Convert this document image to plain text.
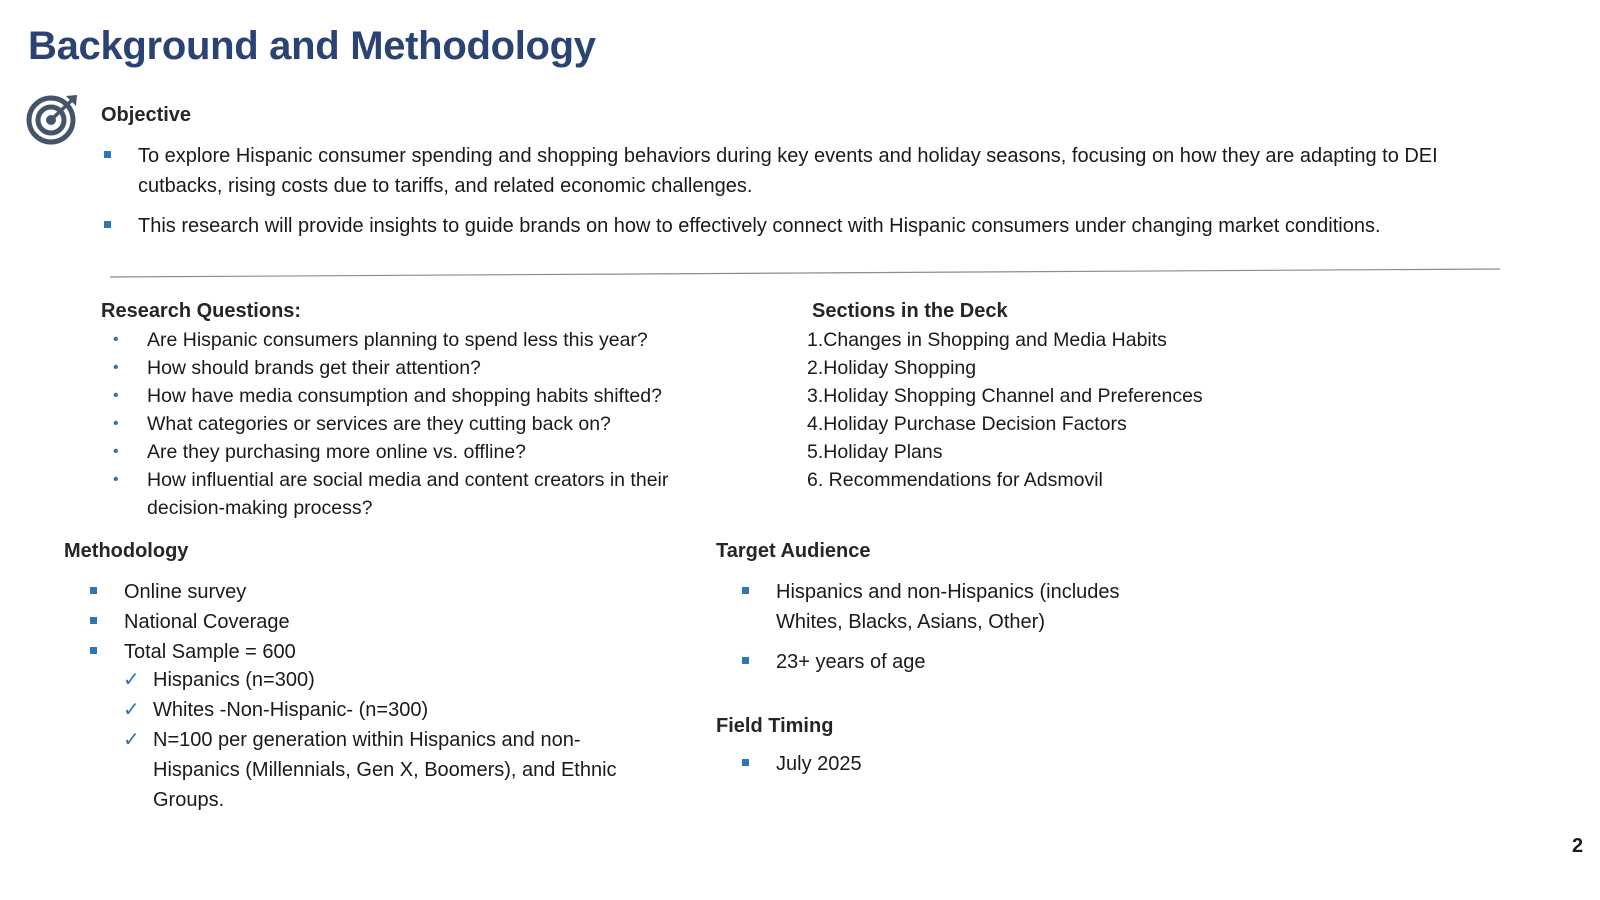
Background and Methodology
Objective
To explore Hispanic consumer spending and shopping behaviors during key events and holiday seasons, focusing on how they are adapting to DEI cutbacks, rising costs due to tariffs, and related economic challenges.
This research will provide insights to guide brands on how to effectively connect with Hispanic consumers under changing market conditions.
Research Questions:
• Are Hispanic consumers planning to spend less this year?
• How should brands get their attention?
• How have media consumption and shopping habits shifted?
• What categories or services are they cutting back on?
• Are they purchasing more online vs. offline?
• How influential are social media and content creators in their decision-making process?
Sections in the Deck
1.Changes in Shopping and Media Habits
2.Holiday Shopping
3.Holiday Shopping Channel and Preferences
4.Holiday Purchase Decision Factors
5.Holiday Plans
6. Recommendations for Adsmovil
Methodology
Online survey
National Coverage
Total Sample = 600
✓ Hispanics (n=300)
✓ Whites -Non-Hispanic- (n=300)
✓ N=100 per generation within Hispanics and non-Hispanics (Millennials, Gen X, Boomers), and Ethnic Groups.
Target Audience
Hispanics and non-Hispanics (includes Whites, Blacks, Asians, Other)
23+ years of age
Field Timing
July 2025
2
